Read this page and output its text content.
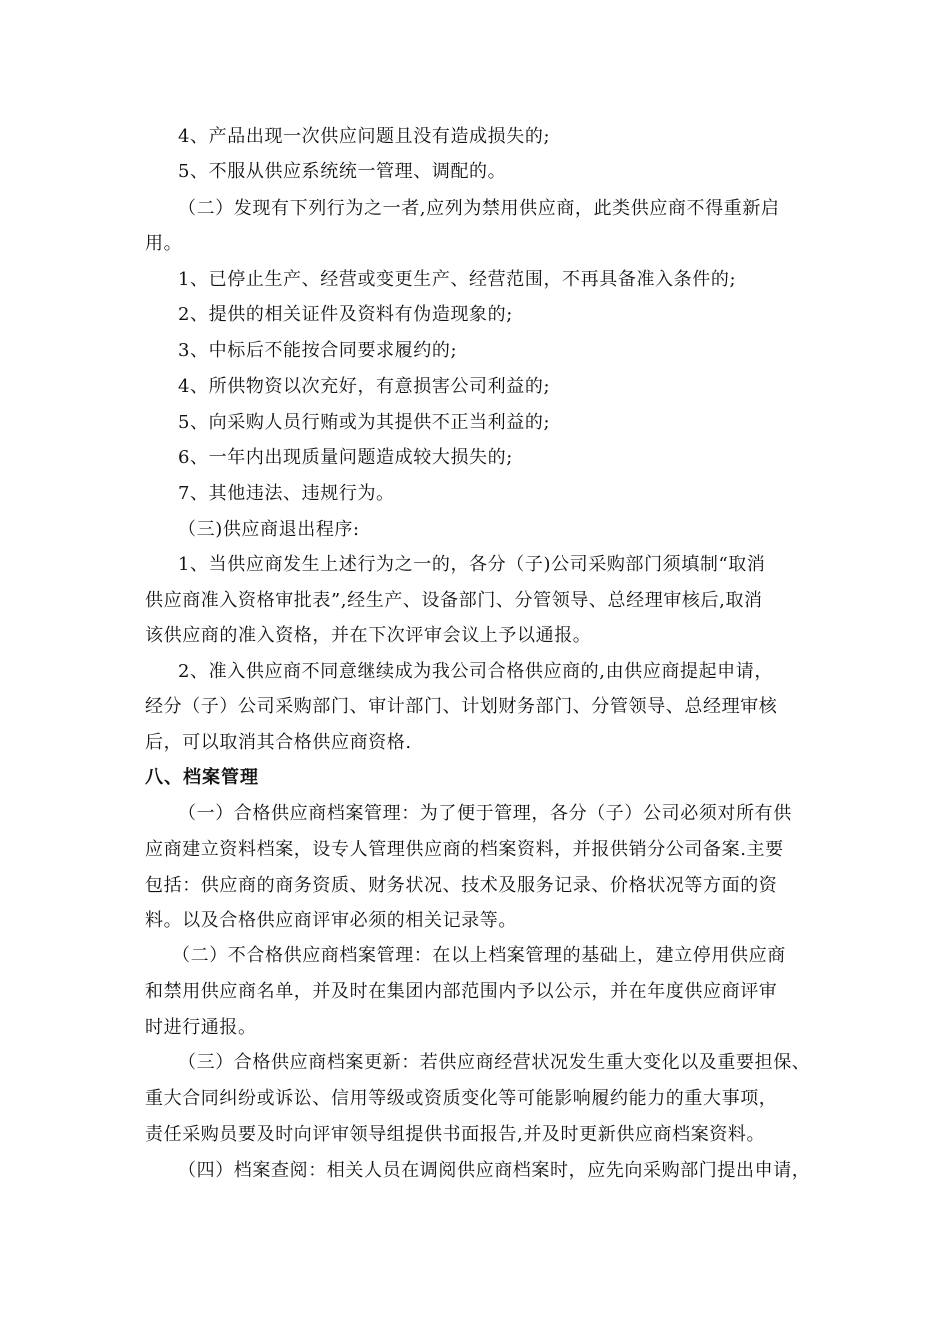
4、产品出现一次供应问题且没有造成损失的;
5、不服从供应系统统一管理、调配的。
（二）发现有下列行为之一者,应列为禁用供应商，此类供应商不得重新启
用。
1、已停止生产、经营或变更生产、经营范围，不再具备准入条件的;
2、提供的相关证件及资料有伪造现象的;
3、中标后不能按合同要求履约的;
4、所供物资以次充好，有意损害公司利益的;
5、向采购人员行贿或为其提供不正当利益的;
6、一年内出现质量问题造成较大损失的;
7、其他违法、违规行为。
（三)供应商退出程序:
1、当供应商发生上述行为之一的，各分（子)公司采购部门须填制“取消
供应商准入资格审批表”,经生产、设备部门、分管领导、总经理审核后,取消
该供应商的准入资格，并在下次评审会议上予以通报。
2、准入供应商不同意继续成为我公司合格供应商的,由供应商提起申请，
经分（子）公司采购部门、审计部门、计划财务部门、分管领导、总经理审核
后，可以取消其合格供应商资格.
八、档案管理
（一）合格供应商档案管理：为了便于管理，各分（子）公司必须对所有供
应商建立资料档案，设专人管理供应商的档案资料，并报供销分公司备案.主要
包括：供应商的商务资质、财务状况、技术及服务记录、价格状况等方面的资
料。以及合格供应商评审必须的相关记录等。
（二）不合格供应商档案管理：在以上档案管理的基础上，建立停用供应商
和禁用供应商名单，并及时在集团内部范围内予以公示，并在年度供应商评审
时进行通报。
（三）合格供应商档案更新：若供应商经营状况发生重大变化以及重要担保、
重大合同纠纷或诉讼、信用等级或资质变化等可能影响履约能力的重大事项，
责任采购员要及时向评审领导组提供书面报告,并及时更新供应商档案资料。
（四）档案查阅：相关人员在调阅供应商档案时，应先向采购部门提出申请，
